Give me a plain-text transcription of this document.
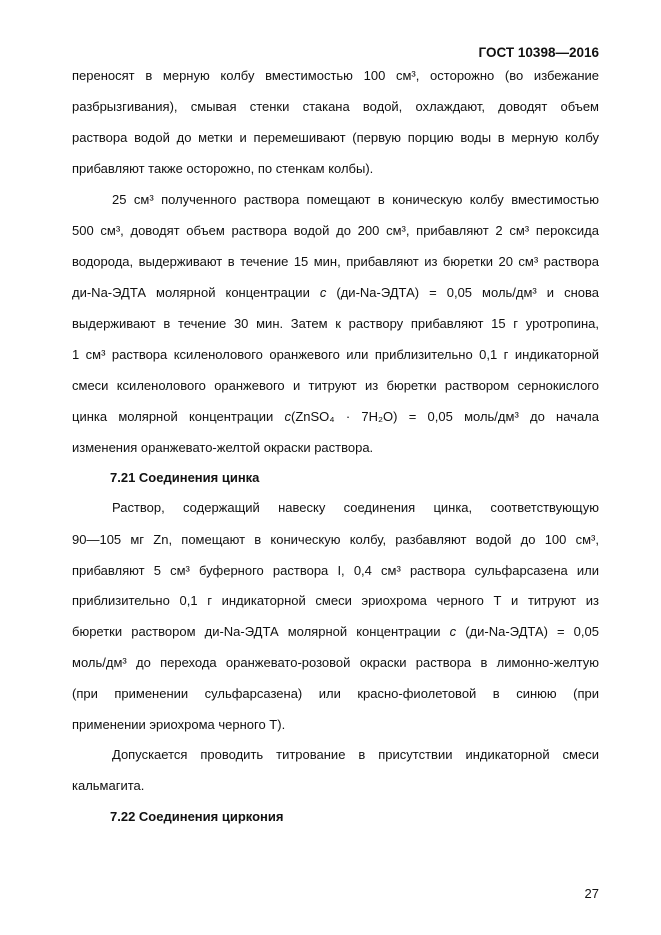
ГОСТ 10398—2016

переносят в мерную колбу вместимостью 100 см³, осторожно (во избежание

разбрызгивания), смывая стенки стакана водой, охлаждают, доводят объем

раствора водой до метки и перемешивают (первую порцию воды в мерную колбу

прибавляют также осторожно, по стенкам колбы).

25 см³ полученного раствора помещают в коническую колбу вместимостью

500 см³, доводят объем раствора водой до 200 см³, прибавляют 2 см³ пероксида

водорода, выдерживают в течение 15 мин, прибавляют из бюретки 20 см³ раствора

ди-Na-ЭДТА молярной концентрации c (ди-Na-ЭДТА) = 0,05 моль/дм³ и снова

выдерживают в течение 30 мин. Затем к раствору прибавляют 15 г уротропина,

1 см³ раствора ксиленолового оранжевого или приблизительно 0,1 г индикаторной

смеси ксиленолового оранжевого и титруют из бюретки раствором сернокислого

цинка молярной концентрации c(ZnSO₄ · 7H₂O) = 0,05 моль/дм³ до начала

изменения оранжевато-желтой окраски раствора.

7.21 Соединения цинка

Раствор, содержащий навеску соединения цинка, соответствующую

90—105 мг Zn, помещают в коническую колбу, разбавляют водой до 100 см³,

прибавляют 5 см³ буферного раствора I, 0,4 см³ раствора сульфарсазена или

приблизительно 0,1 г индикаторной смеси эриохрома черного Т и титруют из

бюретки раствором ди-Na-ЭДТА молярной концентрации c (ди-Na-ЭДТА) = 0,05

моль/дм³ до перехода оранжевато-розовой окраски раствора в лимонно-желтую

(при применении сульфарсазена) или красно-фиолетовой в синюю (при

применении эриохрома черного Т).

Допускается проводить титрование в присутствии индикаторной смеси

кальмагита.

7.22 Соединения циркония

27
